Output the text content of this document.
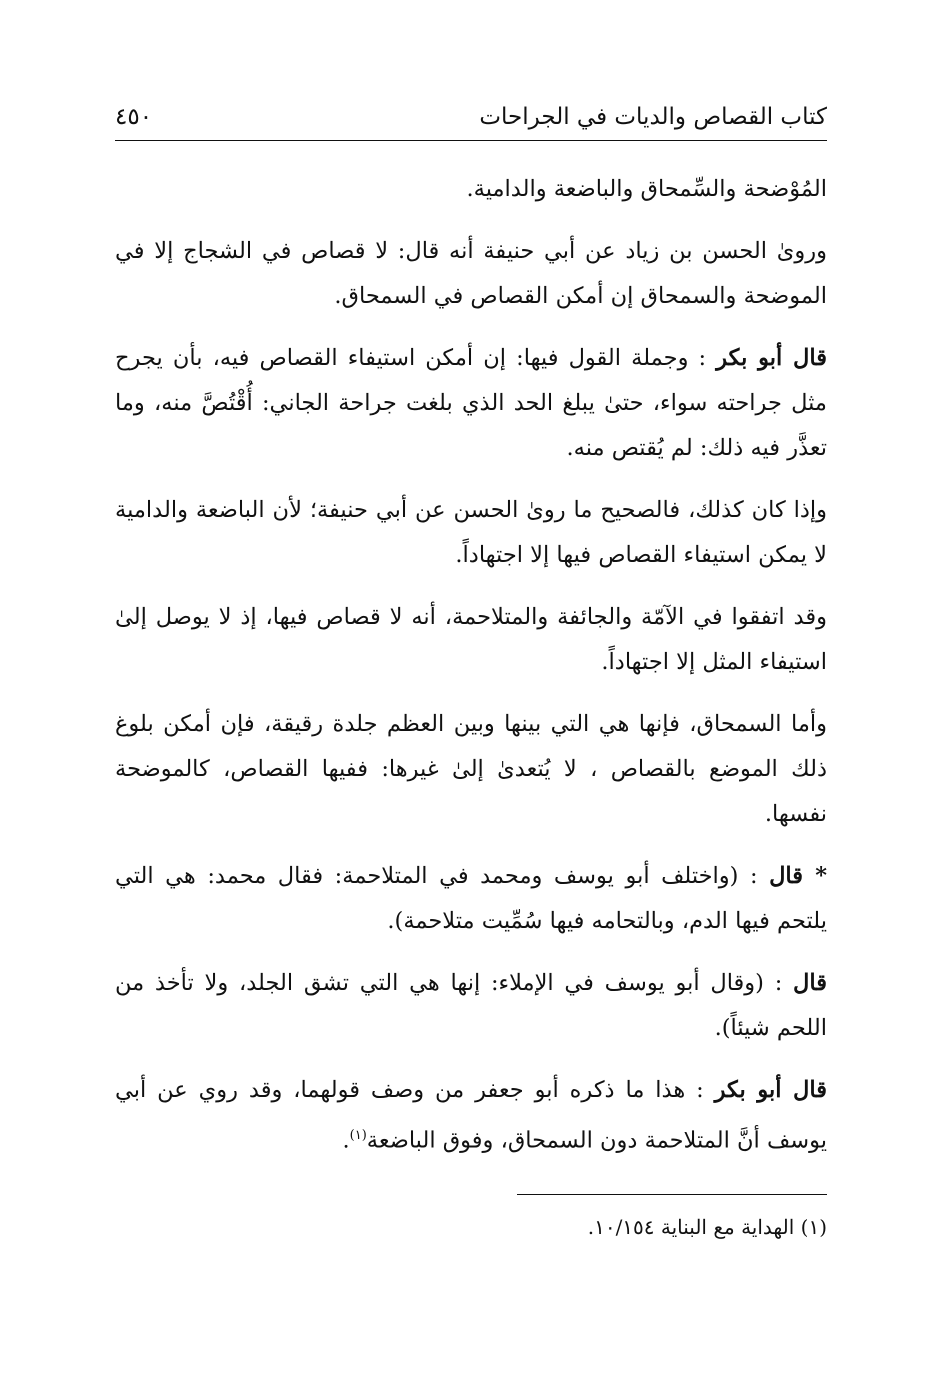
كتاب القصاص والديات في الجراحات
٤٥٠

المُوْضحة والسِّمحاق والباضعة والدامية.

وروىٰ الحسن بن زياد عن أبي حنيفة أنه قال: لا قصاص في الشجاج إلا في الموضحة والسمحاق إن أمكن القصاص في السمحاق.

قال أبو بكر : وجملة القول فيها: إن أمكن استيفاء القصاص فيه، بأن يجرح مثل جراحته سواء، حتىٰ يبلغ الحد الذي بلغت جراحة الجاني: أُقْتُصَّ منه، وما تعذَّر فيه ذلك: لم يُقتص منه.

وإذا كان كذلك، فالصحيح ما روىٰ الحسن عن أبي حنيفة؛ لأن الباضعة والدامية لا يمكن استيفاء القصاص فيها إلا اجتهاداً.

وقد اتفقوا في الآمّة والجائفة والمتلاحمة، أنه لا قصاص فيها، إذ لا يوصل إلىٰ استيفاء المثل إلا اجتهاداً.

وأما السمحاق، فإنها هي التي بينها وبين العظم جلدة رقيقة، فإن أمكن بلوغ ذلك الموضع بالقصاص ، لا يُتعدىٰ إلىٰ غيرها: ففيها القصاص، كالموضحة نفسها.

* قال : (واختلف أبو يوسف ومحمد في المتلاحمة: فقال محمد: هي التي يلتحم فيها الدم، وبالتحامه فيها سُمِّيت متلاحمة).

قال : (وقال أبو يوسف في الإملاء: إنها هي التي تشق الجلد، ولا تأخذ من اللحم شيئاً).

قال أبو بكر : هذا ما ذكره أبو جعفر من وصف قولهما، وقد روي عن أبي يوسف أنَّ المتلاحمة دون السمحاق، وفوق الباضعة$^{(١)}$.

(١) الهداية مع البناية ١٠/١٥٤.
